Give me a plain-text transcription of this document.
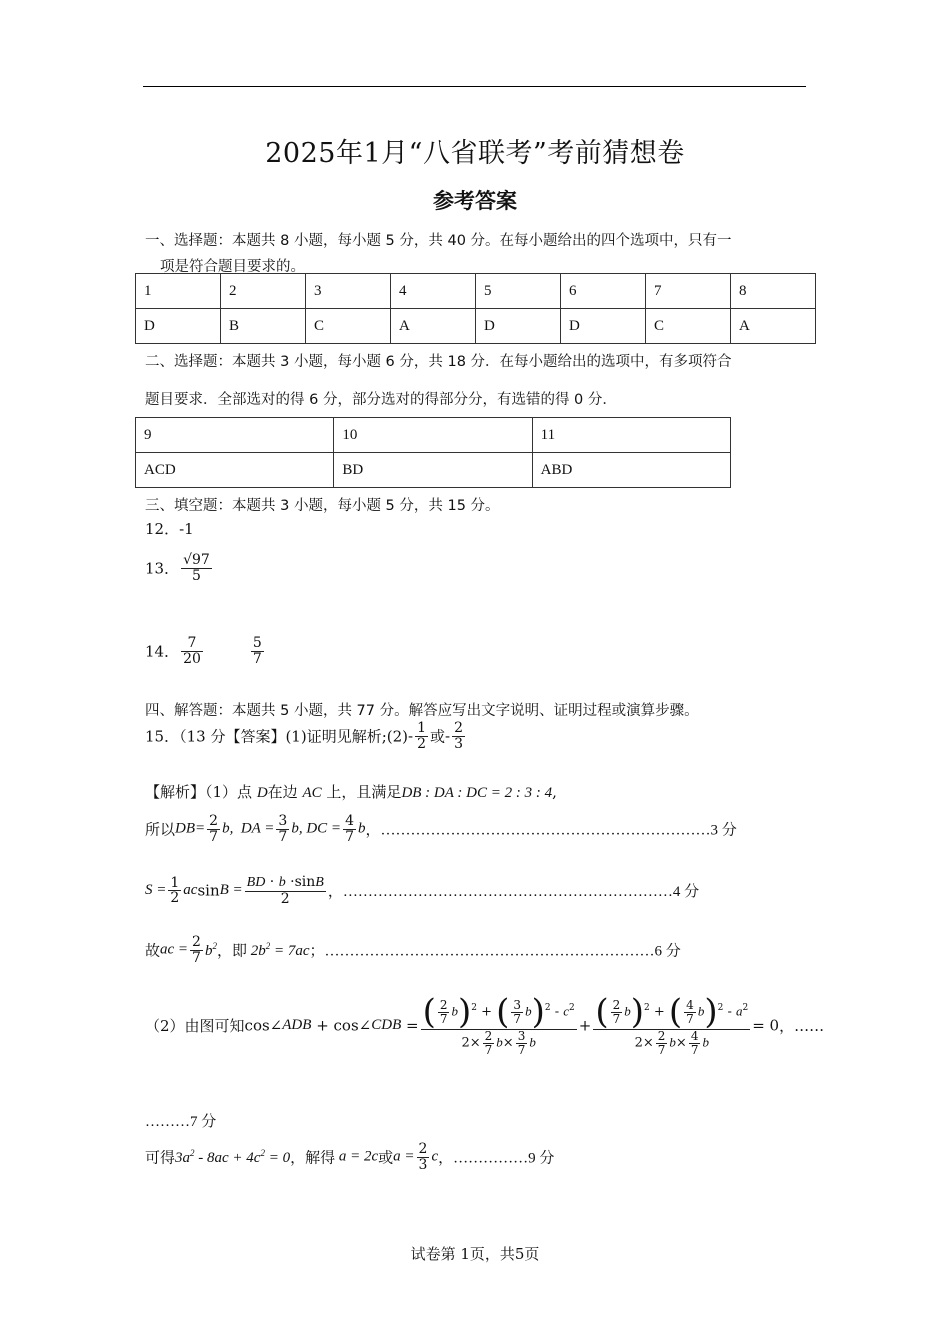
2025年1月“八省联考”考前猜想卷
参考答案
一、选择题：本题共 8 小题，每小题 5 分，共 40 分。在每小题给出的四个选项中，只有一
项是符合题目要求的。
1	2	3	4	5	6	7	8
D	B	C	A	D	D	C	A
二、选择题：本题共 3 小题，每小题 6 分，共 18 分．在每小题给出的选项中，有多项符合
题目要求．全部选对的得 6 分，部分选对的得部分分，有选错的得 0 分．
9	10	11
ACD	BD	ABD
三、填空题：本题共 3 小题，每小题 5 分，共 15 分。
12．-1
13． $\frac{√97}{5}$
14． $\frac{7}{20}$	$\frac{5}{7}$
四、解答题：本题共 5 小题，共 77 分。解答应写出文字说明、证明过程或演算步骤。
15．（13 分【答案】(1)证明见解析;(2)- $\frac{1}{2}$ 或- $\frac{2}{3}$
【解析】（1）点 D在边 AC 上，且满足DB : DA : DC = 2 : 3 : 4,
所以$DB= \frac{2}{7} b$,  DA = $\frac{3}{7} b$, DC = $\frac{4}{7}$ b，…………………………………………………………3 分
$S = \frac{1}{2}$ $acsinB = \frac{BD \cdot b \cdot\sin B}{2}$ ，…………………………………………………………4 分
故ac = $\frac{2}{7} b^2$，即 $2b^2 = 7ac$；…………………………………………………………6 分
（2）由图可知cos∠ADB + cos∠CDB = $\frac{( \frac{2}{7} b)^2 + ( \frac{3}{7} b)^2 - c^2}{2\times \frac{2}{7} b\times \frac{3}{7} b} + \frac{( \frac{2}{7} b)^2 + ( \frac{4}{7} b)^2 - a^2}{2\times \frac{2}{7} b\times \frac{4}{7} b} = 0$，……
………7 分
可得$3a^2 - 8ac + 4c^2 = 0$，解得 a = 2c或$a = \frac{2}{3}$ c，……………9 分
试卷第 1页，共5页
